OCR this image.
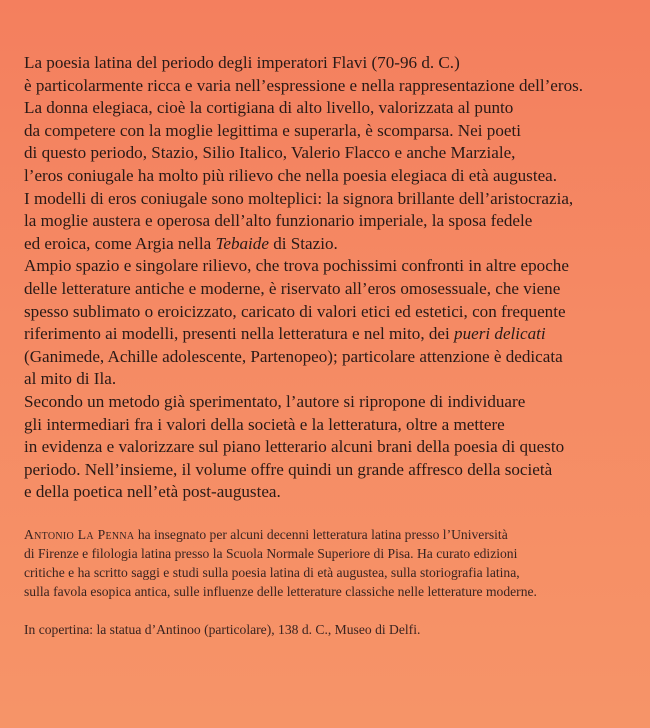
La poesia latina del periodo degli imperatori Flavi (70-96 d. C.)
è particolarmente ricca e varia nell’espressione e nella rappresentazione dell’eros.
La donna elegiaca, cioè la cortigiana di alto livello, valorizzata al punto
da competere con la moglie legittima e superarla, è scomparsa. Nei poeti
di questo periodo, Stazio, Silio Italico, Valerio Flacco e anche Marziale,
l’eros coniugale ha molto più rilievo che nella poesia elegiaca di età augustea.
I modelli di eros coniugale sono molteplici: la signora brillante dell’aristocrazia,
la moglie austera e operosa dell’alto funzionario imperiale, la sposa fedele
ed eroica, come Argia nella Tebaide di Stazio.
Ampio spazio e singolare rilievo, che trova pochissimi confronti in altre epoche
delle letterature antiche e moderne, è riservato all’eros omosessuale, che viene
spesso sublimato o eroicizzato, caricato di valori etici ed estetici, con frequente
riferimento ai modelli, presenti nella letteratura e nel mito, dei pueri delicati
(Ganimede, Achille adolescente, Partenopeo); particolare attenzione è dedicata
al mito di Ila.
Secondo un metodo già sperimentato, l’autore si ripropone di individuare
gli intermediari fra i valori della società e la letteratura, oltre a mettere
in evidenza e valorizzare sul piano letterario alcuni brani della poesia di questo
periodo. Nell’insieme, il volume offre quindi un grande affresco della società
e della poetica nell’età post-augustea.
Antonio La Penna ha insegnato per alcuni decenni letteratura latina presso l’Università
di Firenze e filologia latina presso la Scuola Normale Superiore di Pisa. Ha curato edizioni
critiche e ha scritto saggi e studi sulla poesia latina di età augustea, sulla storiografia latina,
sulla favola esopica antica, sulle influenze delle letterature classiche nelle letterature moderne.
In copertina: la statua d’Antinoo (particolare), 138 d. C., Museo di Delfi.
